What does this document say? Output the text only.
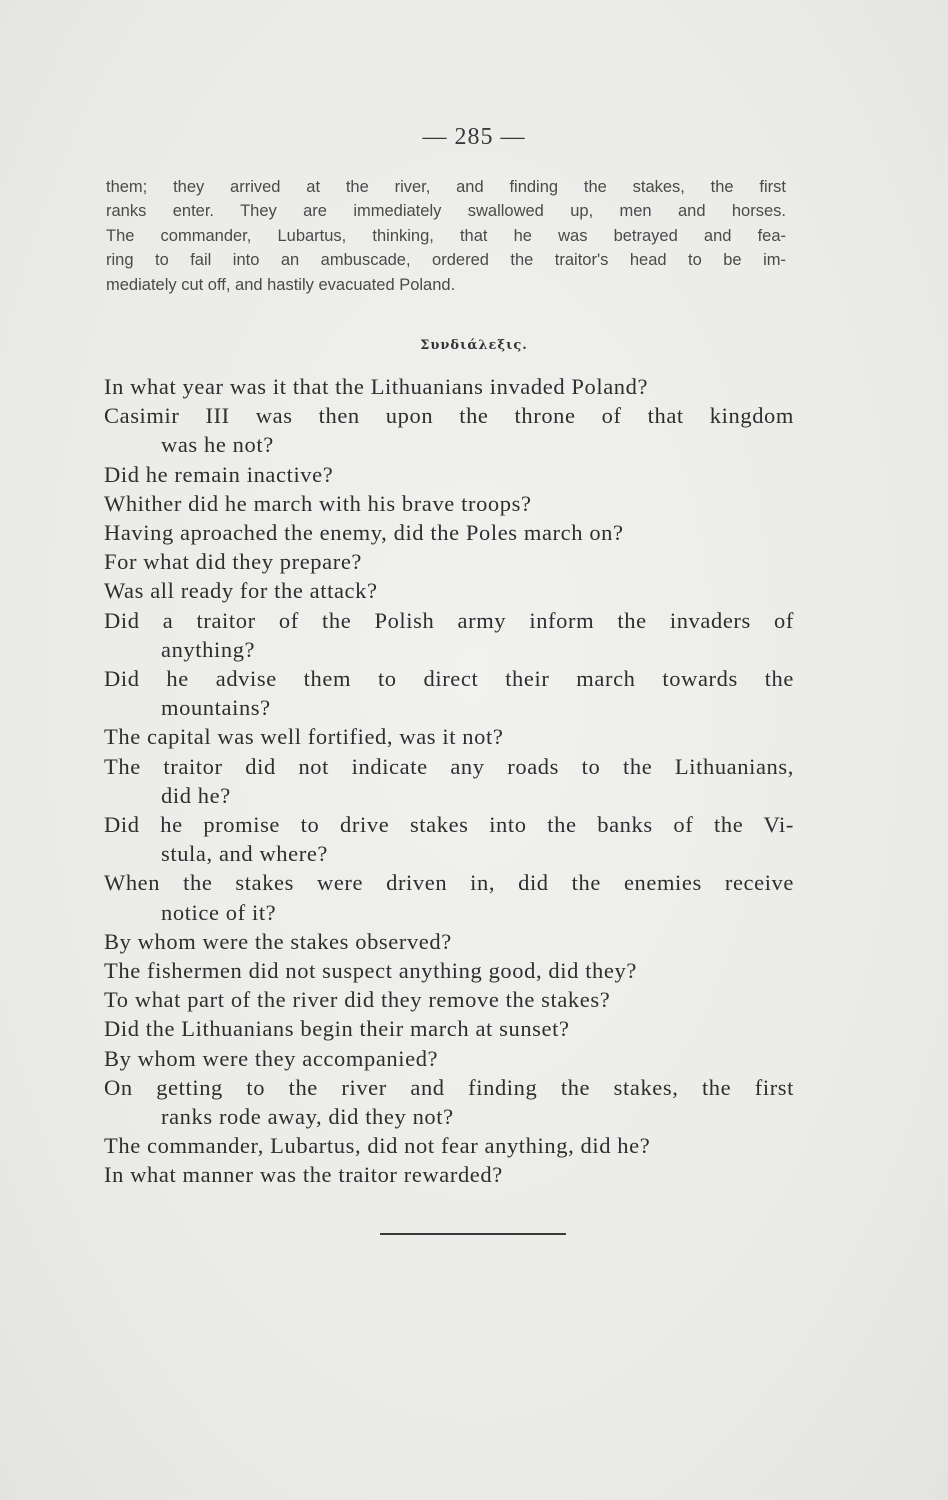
— 285 —
them; they arrived at the river, and finding the stakes, the first
ranks enter. They are immediately swallowed up, men and horses.
The commander, Lubartus, thinking, that he was betrayed and fea-
ring to fail into an ambuscade, ordered the traitor's head to be im-
mediately cut off, and hastily evacuated Poland.
Συνδιάλεξις.
In what year was it that the Lithuanians invaded Poland?
Casimir III was then upon the throne of that kingdom
was he not?
Did he remain inactive?
Whither did he march with his brave troops?
Having aproached the enemy, did the Poles march on?
For what did they prepare?
Was all ready for the attack?
Did a traitor of the Polish army inform the invaders of
anything?
Did he advise them to direct their march towards the
mountains?
The capital was well fortified, was it not?
The traitor did not indicate any roads to the Lithuanians,
did he?
Did he promise to drive stakes into the banks of the Vi-
stula, and where?
When the stakes were driven in, did the enemies receive
notice of it?
By whom were the stakes observed?
The fishermen did not suspect anything good, did they?
To what part of the river did they remove the stakes?
Did the Lithuanians begin their march at sunset?
By whom were they accompanied?
On getting to the river and finding the stakes, the first
ranks rode away, did they not?
The commander, Lubartus, did not fear anything, did he?
In what manner was the traitor rewarded?
